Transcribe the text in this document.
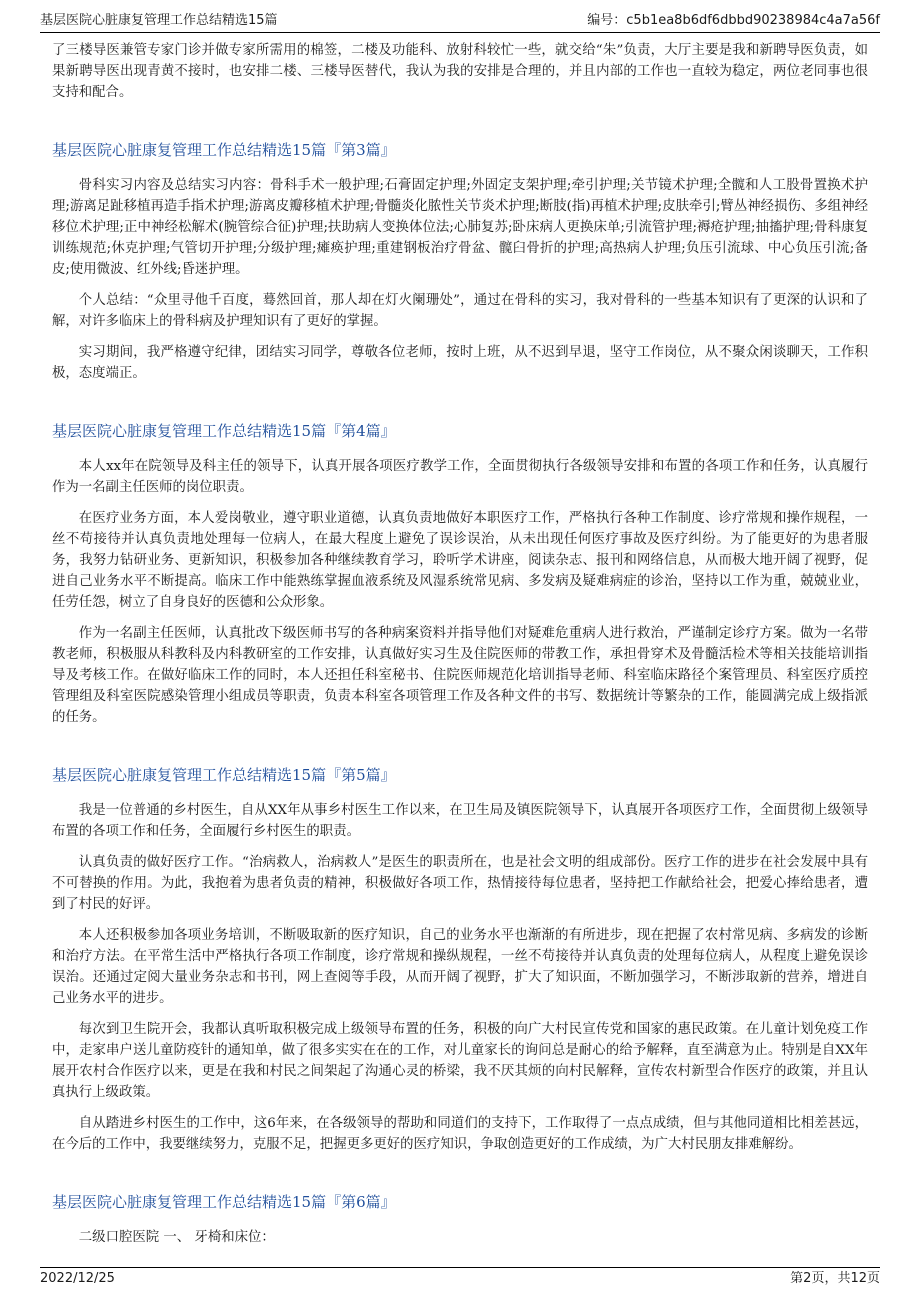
基层医院心脏康复管理工作总结精选15篇	编号：c5b1ea8b6df6dbbd90238984c4a7a56f

了三楼导医兼管专家门诊并做专家所需用的棉签，二楼及功能科、放射科较忙一些，就交给“朱”负责，大厅主要是我和新聘导医负责，如果新聘导医出现青黄不接时，也安排二楼、三楼导医替代，我认为我的安排是合理的，并且内部的工作也一直较为稳定，两位老同事也很支持和配合。

基层医院心脏康复管理工作总结精选15篇『第3篇』

骨科实习内容及总结实习内容：骨科手术一般护理;石膏固定护理;外固定支架护理;牵引护理;关节镜术护理;全髋和人工股骨置换术护理;游离足趾移植再造手指术护理;游离皮瓣移植术护理;骨髓炎化脓性关节炎术护理;断肢(指)再植术护理;皮肤牵引;臂丛神经损伤、多组神经移位术护理;正中神经松解术(腕管综合征)护理;扶助病人变换体位法;心肺复苏;卧床病人更换床单;引流管护理;褥疮护理;抽搐护理;骨科康复训练规范;休克护理;气管切开护理;分级护理;瘫痪护理;重建钢板治疗骨盆、髋臼骨折的护理;高热病人护理;负压引流球、中心负压引流;备皮;使用微波、红外线;昏迷护理。

个人总结：“众里寻他千百度，蓦然回首，那人却在灯火阑珊处”，通过在骨科的实习，我对骨科的一些基本知识有了更深的认识和了解，对许多临床上的骨科病及护理知识有了更好的掌握。

实习期间，我严格遵守纪律，团结实习同学，尊敬各位老师，按时上班，从不迟到早退，坚守工作岗位，从不聚众闲谈聊天，工作积极，态度端正。

基层医院心脏康复管理工作总结精选15篇『第4篇』

本人xx年在院领导及科主任的领导下，认真开展各项医疗教学工作，全面贯彻执行各级领导安排和布置的各项工作和任务，认真履行作为一名副主任医师的岗位职责。

在医疗业务方面，本人爱岗敬业，遵守职业道德，认真负责地做好本职医疗工作，严格执行各种工作制度、诊疗常规和操作规程，一丝不苟接待并认真负责地处理每一位病人，在最大程度上避免了误诊误治，从未出现任何医疗事故及医疗纠纷。为了能更好的为患者服务，我努力钻研业务、更新知识，积极参加各种继续教育学习，聆听学术讲座，阅读杂志、报刊和网络信息，从而极大地开阔了视野，促进自己业务水平不断提高。临床工作中能熟练掌握血液系统及风湿系统常见病、多发病及疑难病症的诊治，坚持以工作为重，兢兢业业，任劳任怨，树立了自身良好的医德和公众形象。

作为一名副主任医师，认真批改下级医师书写的各种病案资料并指导他们对疑难危重病人进行救治，严谨制定诊疗方案。做为一名带教老师，积极服从科教科及内科教研室的工作安排，认真做好实习生及住院医师的带教工作，承担骨穿术及骨髓活检术等相关技能培训指导及考核工作。在做好临床工作的同时，本人还担任科室秘书、住院医师规范化培训指导老师、科室临床路径个案管理员、科室医疗质控管理组及科室医院感染管理小组成员等职责，负责本科室各项管理工作及各种文件的书写、数据统计等繁杂的工作，能圆满完成上级指派的任务。

基层医院心脏康复管理工作总结精选15篇『第5篇』

我是一位普通的乡村医生，自从XX年从事乡村医生工作以来，在卫生局及镇医院领导下，认真展开各项医疗工作，全面贯彻上级领导布置的各项工作和任务，全面履行乡村医生的职责。

认真负责的做好医疗工作。“治病救人，治病救人”是医生的职责所在，也是社会文明的组成部份。医疗工作的进步在社会发展中具有不可替换的作用。为此，我抱着为患者负责的精神，积极做好各项工作，热情接待每位患者，坚持把工作献给社会，把爱心捧给患者，遭到了村民的好评。

本人还积极参加各项业务培训，不断吸取新的医疗知识，自己的业务水平也渐渐的有所进步，现在把握了农村常见病、多病发的诊断和治疗方法。在平常生活中严格执行各项工作制度，诊疗常规和操纵规程，一丝不苟接待并认真负责的处理每位病人，从程度上避免误诊误治。还通过定阅大量业务杂志和书刊，网上查阅等手段，从而开阔了视野，扩大了知识面，不断加强学习，不断涉取新的营养，增进自己业务水平的进步。

每次到卫生院开会，我都认真听取积极完成上级领导布置的任务，积极的向广大村民宣传党和国家的惠民政策。在儿童计划免疫工作中，走家串户送儿童防疫针的通知单，做了很多实实在在的工作，对儿童家长的询问总是耐心的给予解释，直至满意为止。特别是自XX年展开农村合作医疗以来，更是在我和村民之间架起了沟通心灵的桥梁，我不厌其烦的向村民解释，宣传农村新型合作医疗的政策，并且认真执行上级政策。

自从踏进乡村医生的工作中，这6年来，在各级领导的帮助和同道们的支持下，工作取得了一点点成绩，但与其他同道相比相差甚远，在今后的工作中，我要继续努力，克服不足，把握更多更好的医疗知识，争取创造更好的工作成绩，为广大村民朋友排难解纷。

基层医院心脏康复管理工作总结精选15篇『第6篇』

二级口腔医院 一、 牙椅和床位：

2022/12/25	第2页，共12页
